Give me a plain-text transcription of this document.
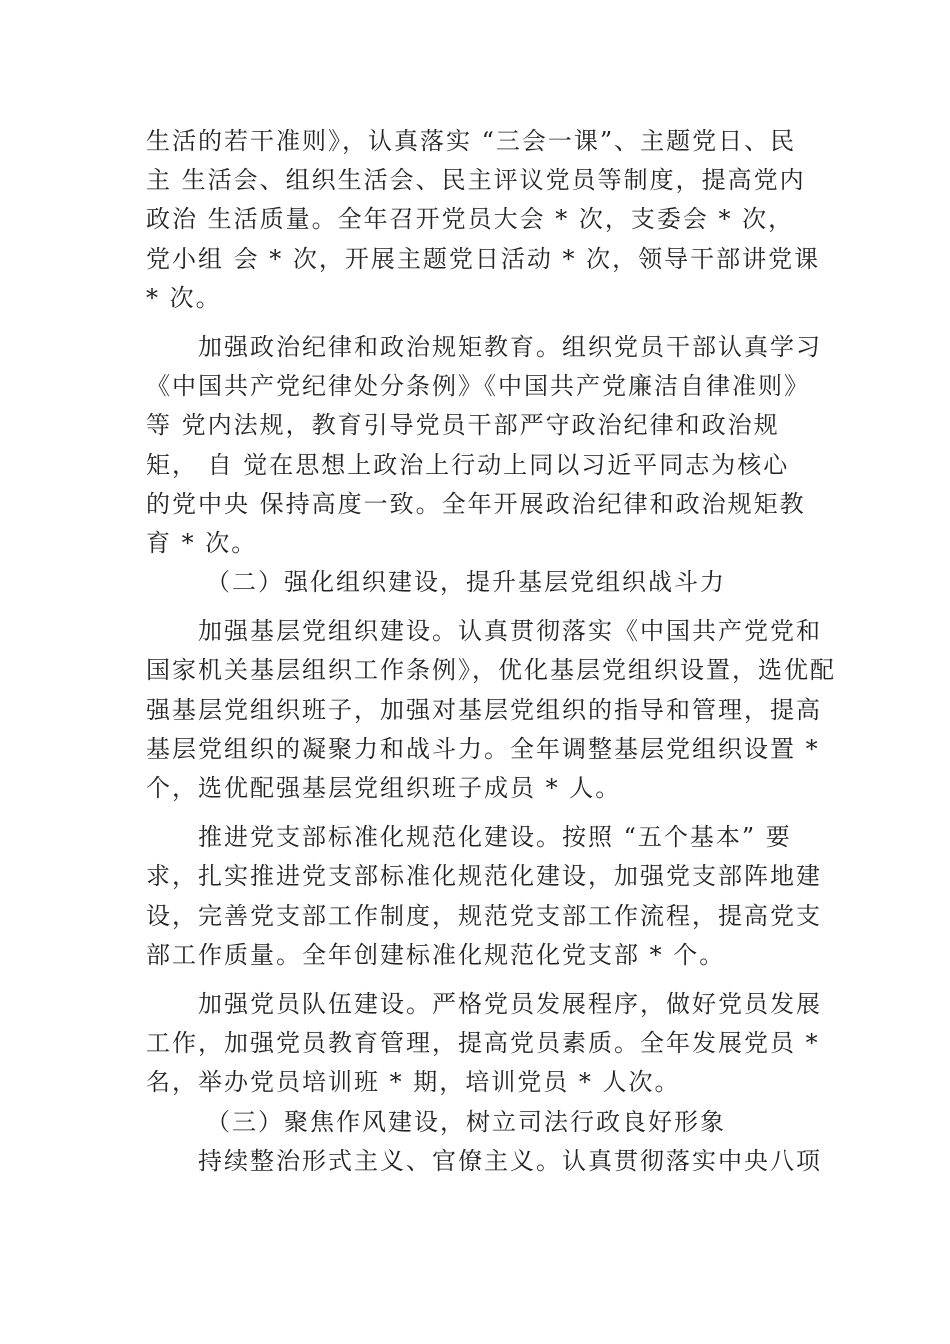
生活的若干准则》，认真落实 “三会一课”、主题党日、民
主 生活会、组织生活会、民主评议党员等制度，提高党内
政治 生活质量。全年召开党员大会 * 次，支委会 * 次，
党小组 会 * 次，开展主题党日活动 * 次，领导干部讲党课
* 次。
加强政治纪律和政治规矩教育。组织党员干部认真学习
《中国共产党纪律处分条例》《中国共产党廉洁自律准则》
等 党内法规，教育引导党员干部严守政治纪律和政治规
矩， 自 觉在思想上政治上行动上同以习近平同志为核心
的党中央 保持高度一致。全年开展政治纪律和政治规矩教
育 * 次。
（二）强化组织建设，提升基层党组织战斗力
加强基层党组织建设。认真贯彻落实《中国共产党党和
国家机关基层组织工作条例》，优化基层党组织设置，选优配
强基层党组织班子，加强对基层党组织的指导和管理，提高
基层党组织的凝聚力和战斗力。全年调整基层党组织设置 *
个，选优配强基层党组织班子成员 * 人。
推进党支部标准化规范化建设。按照 “五个基本” 要
求，扎实推进党支部标准化规范化建设，加强党支部阵地建
设，完善党支部工作制度，规范党支部工作流程，提高党支
部工作质量。全年创建标准化规范化党支部 * 个。
加强党员队伍建设。严格党员发展程序，做好党员发展
工作，加强党员教育管理，提高党员素质。全年发展党员 *
名，举办党员培训班 * 期，培训党员 * 人次。
（三）聚焦作风建设，树立司法行政良好形象
持续整治形式主义、官僚主义。认真贯彻落实中央八项
